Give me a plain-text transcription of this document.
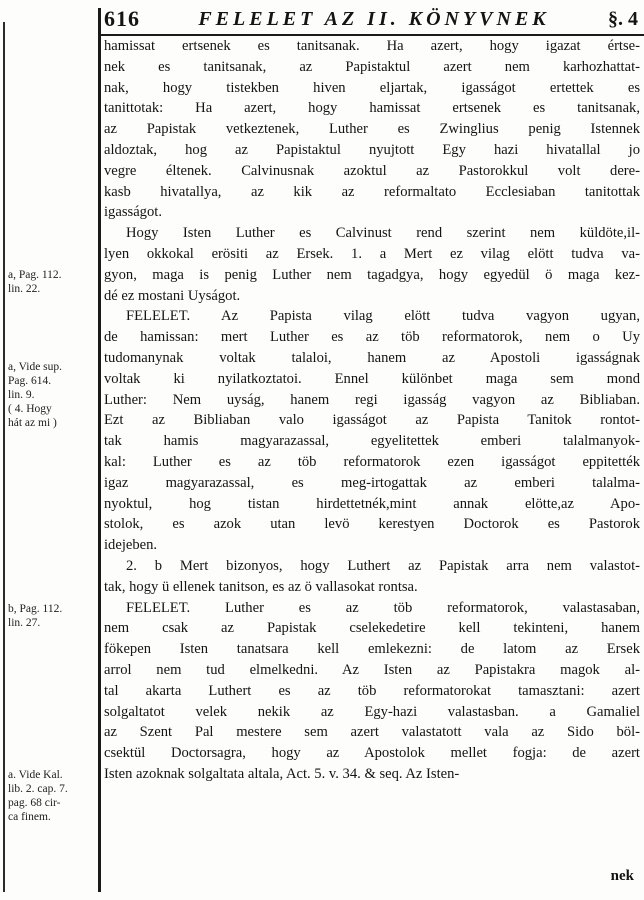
616	FELELET AZ II. KÖNYVNEK	§. 4
a, Pag. 112.
lin. 22.
a, Vide sup.
Pag. 614.
lin. 9.
( 4. Hogy
hát az mi )
b, Pag. 112.
lin. 27.
a. Vide Kal.
lib. 2. cap. 7.
pag. 68 cir-
ca finem.
hamissat ertsenek es tanitsanak. Ha azert, hogy igazat értse-
nek es tanitsanak, az Papistaktul azert nem karhozhattat-
nak, hogy tistekben hiven eljartak, igasságot ertettek es
tanittotak: Ha azert, hogy hamissat ertsenek es tanitsanak,
az Papistak vetkeztenek, Luther es Zwinglius penig Istennek
aldoztak, hog az Papistaktul nyujtott Egy hazi hivatallal jo
vegre éltenek. Calvinusnak azoktul az Pastorokkul volt dere-
kasb hivatallya, az kik az reformaltato Ecclesiaban tanitottak
igasságot.
Hogy Isten Luther es Calvinust rend szerint nem küldöte,il-
lyen okkokal erösiti az Ersek. 1. a Mert ez vilag elött tudva va-
gyon, maga is penig Luther nem tagadgya, hogy egyedül ö maga kez-
dé ez mostani Uyságot.
FELELET. Az Papista vilag elött tudva vagyon ugyan,
de hamissan: mert Luther es az töb reformatorok, nem o Uy
tudomanynak voltak talaloi, hanem az Apostoli igasságnak
voltak ki nyilatkoztatoi. Ennel különbet maga sem mond
Luther: Nem uyság, hanem regi igasság vagyon az Bibliaban.
Ezt az Bibliaban valo igasságot az Papista Tanitok rontot-
tak hamis magyarazassal, egyelitettek emberi talalmanyok-
kal: Luther es az töb reformatorok ezen igasságot eppitették
igaz magyarazassal, es meg-irtogattak az emberi talalma-
nyoktul, hog tistan hirdettetnék,mint annak elötte,az Apo-
stolok, es azok utan levö kerestyen Doctorok es Pastorok
idejeben.
2. b Mert bizonyos, hogy Luthert az Papistak arra nem valastot-
tak, hogy ü ellenek tanitson, es az ö vallasokat rontsa.
FELELET. Luther es az töb reformatorok, valastasaban,
nem csak az Papistak cselekedetire kell tekinteni, hanem
fökepen Isten tanatsara kell emlekezni: de latom az Ersek
arrol nem tud elmelkedni. Az Isten az Papistakra magok al-
tal akarta Luthert es az töb reformatorokat tamasztani: azert
solgaltatot velek nekik az Egy-hazi valastasban. a Gamaliel
az Szent Pal mestere sem azert valastatott vala az Sido böl-
csektül Doctorsagra, hogy az Apostolok mellet fogja: de azert
Isten azoknak solgaltata altala, Act. 5. v. 34. & seq. Az Isten-
nek
